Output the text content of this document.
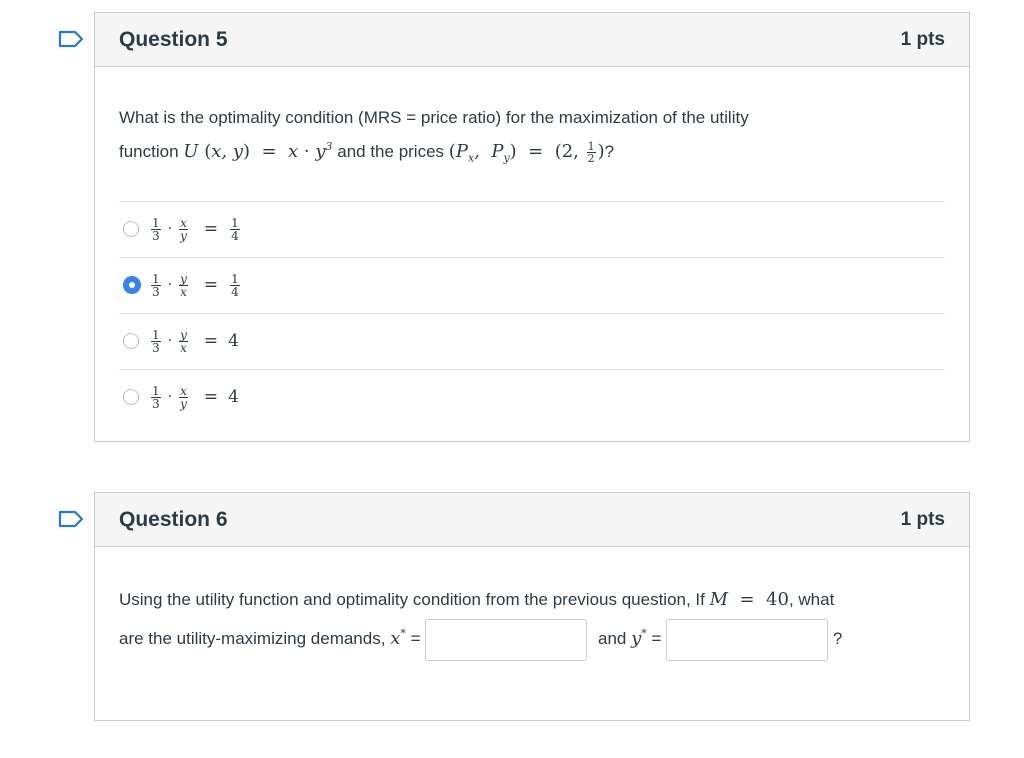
Question 5	1 pts
What is the optimality condition (MRS = price ratio) for the maximization of the utility
function U (x, $y) = x \cdot y^3$ and the prices ($P_x$,  $P_y) = (2$, $\frac{1}{2}$ )?
$\frac{1}{3} \cdot \frac{x}{y} = \frac{1}{4}$
$\frac{1}{3} \cdot \frac{y}{x} = \frac{1}{4}$
$\frac{1}{3} \cdot \frac{y}{x} = 4$
$\frac{1}{3} \cdot \frac{x}{y} = 4$
Question 6	1 pts
Using the utility function and optimality condition from the previous question, If M  = 40, what
are the utility-maximizing demands, x* =	and y* =	?
